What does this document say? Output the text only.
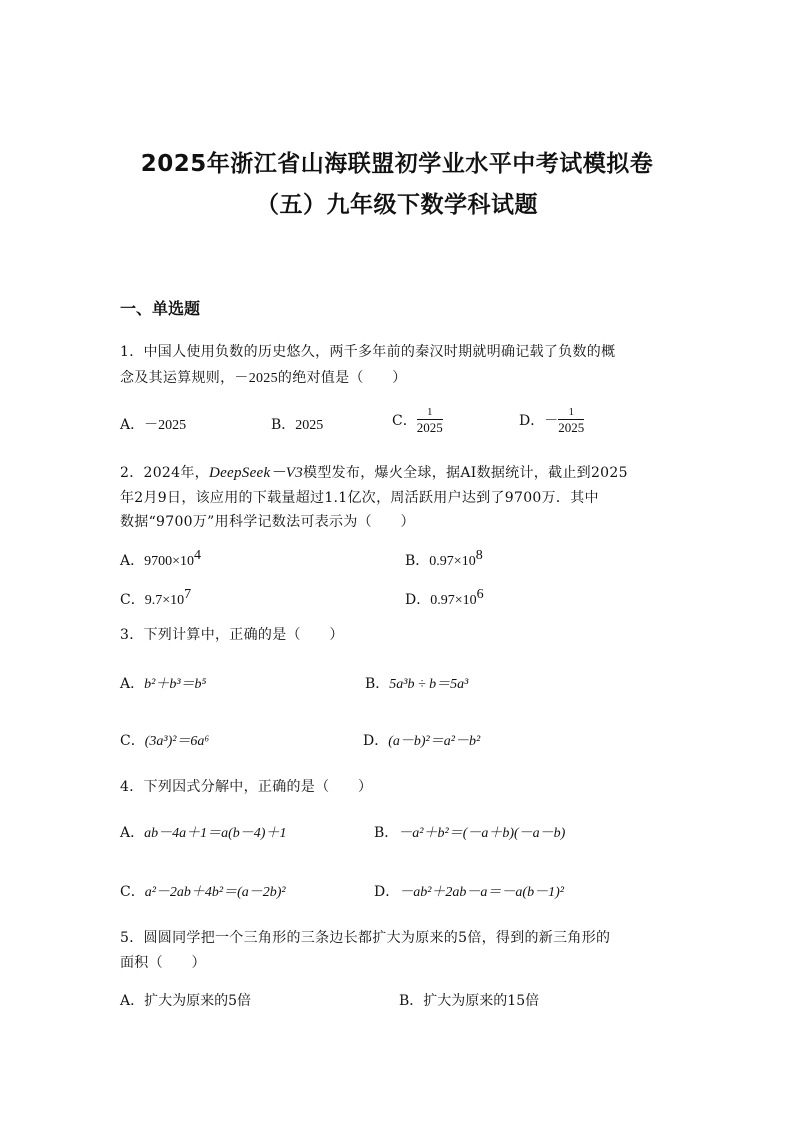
2025年浙江省山海联盟初学业水平中考试模拟卷
（五）九年级下数学科试题
一、单选题
1．中国人使用负数的历史悠久，两千多年前的秦汉时期就明确记载了负数的概
念及其运算规则，－2025的绝对值是（　　）
A．－2025	B．2025	C． $\frac{1}{2025}$	D．－ $\frac{1}{2025}$
2．2024年，DeepSeek－V3模型发布，爆火全球，据AI数据统计，截止到2025
年2月9日，该应用的下载量超过1.1亿次，周活跃用户达到了9700万．其中
数据“9700万”用科学记数法可表示为（　　）
A．$9700\times 10^4$	B．$0.97\times 10^8$
C．$9.7\times 10^7$	D．$0.97\times 10^6$
3．下列计算中，正确的是（　　）
A．b²＋b³＝b⁵	B．5a³b ÷ b＝5a³
C．(3a³)²＝6a⁶	D．(a－b)²＝a²－b²
4．下列因式分解中，正确的是（　　）
A．ab－4a＋1＝a(b－4)＋1	B．－a²＋b²＝(－a＋b)(－a－b)
C．a²－2ab＋4b²＝(a－2b)²	D．－ab²＋2ab－a＝－a(b－1)²
5．圆圆同学把一个三角形的三条边长都扩大为原来的5倍，得到的新三角形的
面积（　　）
A．扩大为原来的5倍	B．扩大为原来的15倍
